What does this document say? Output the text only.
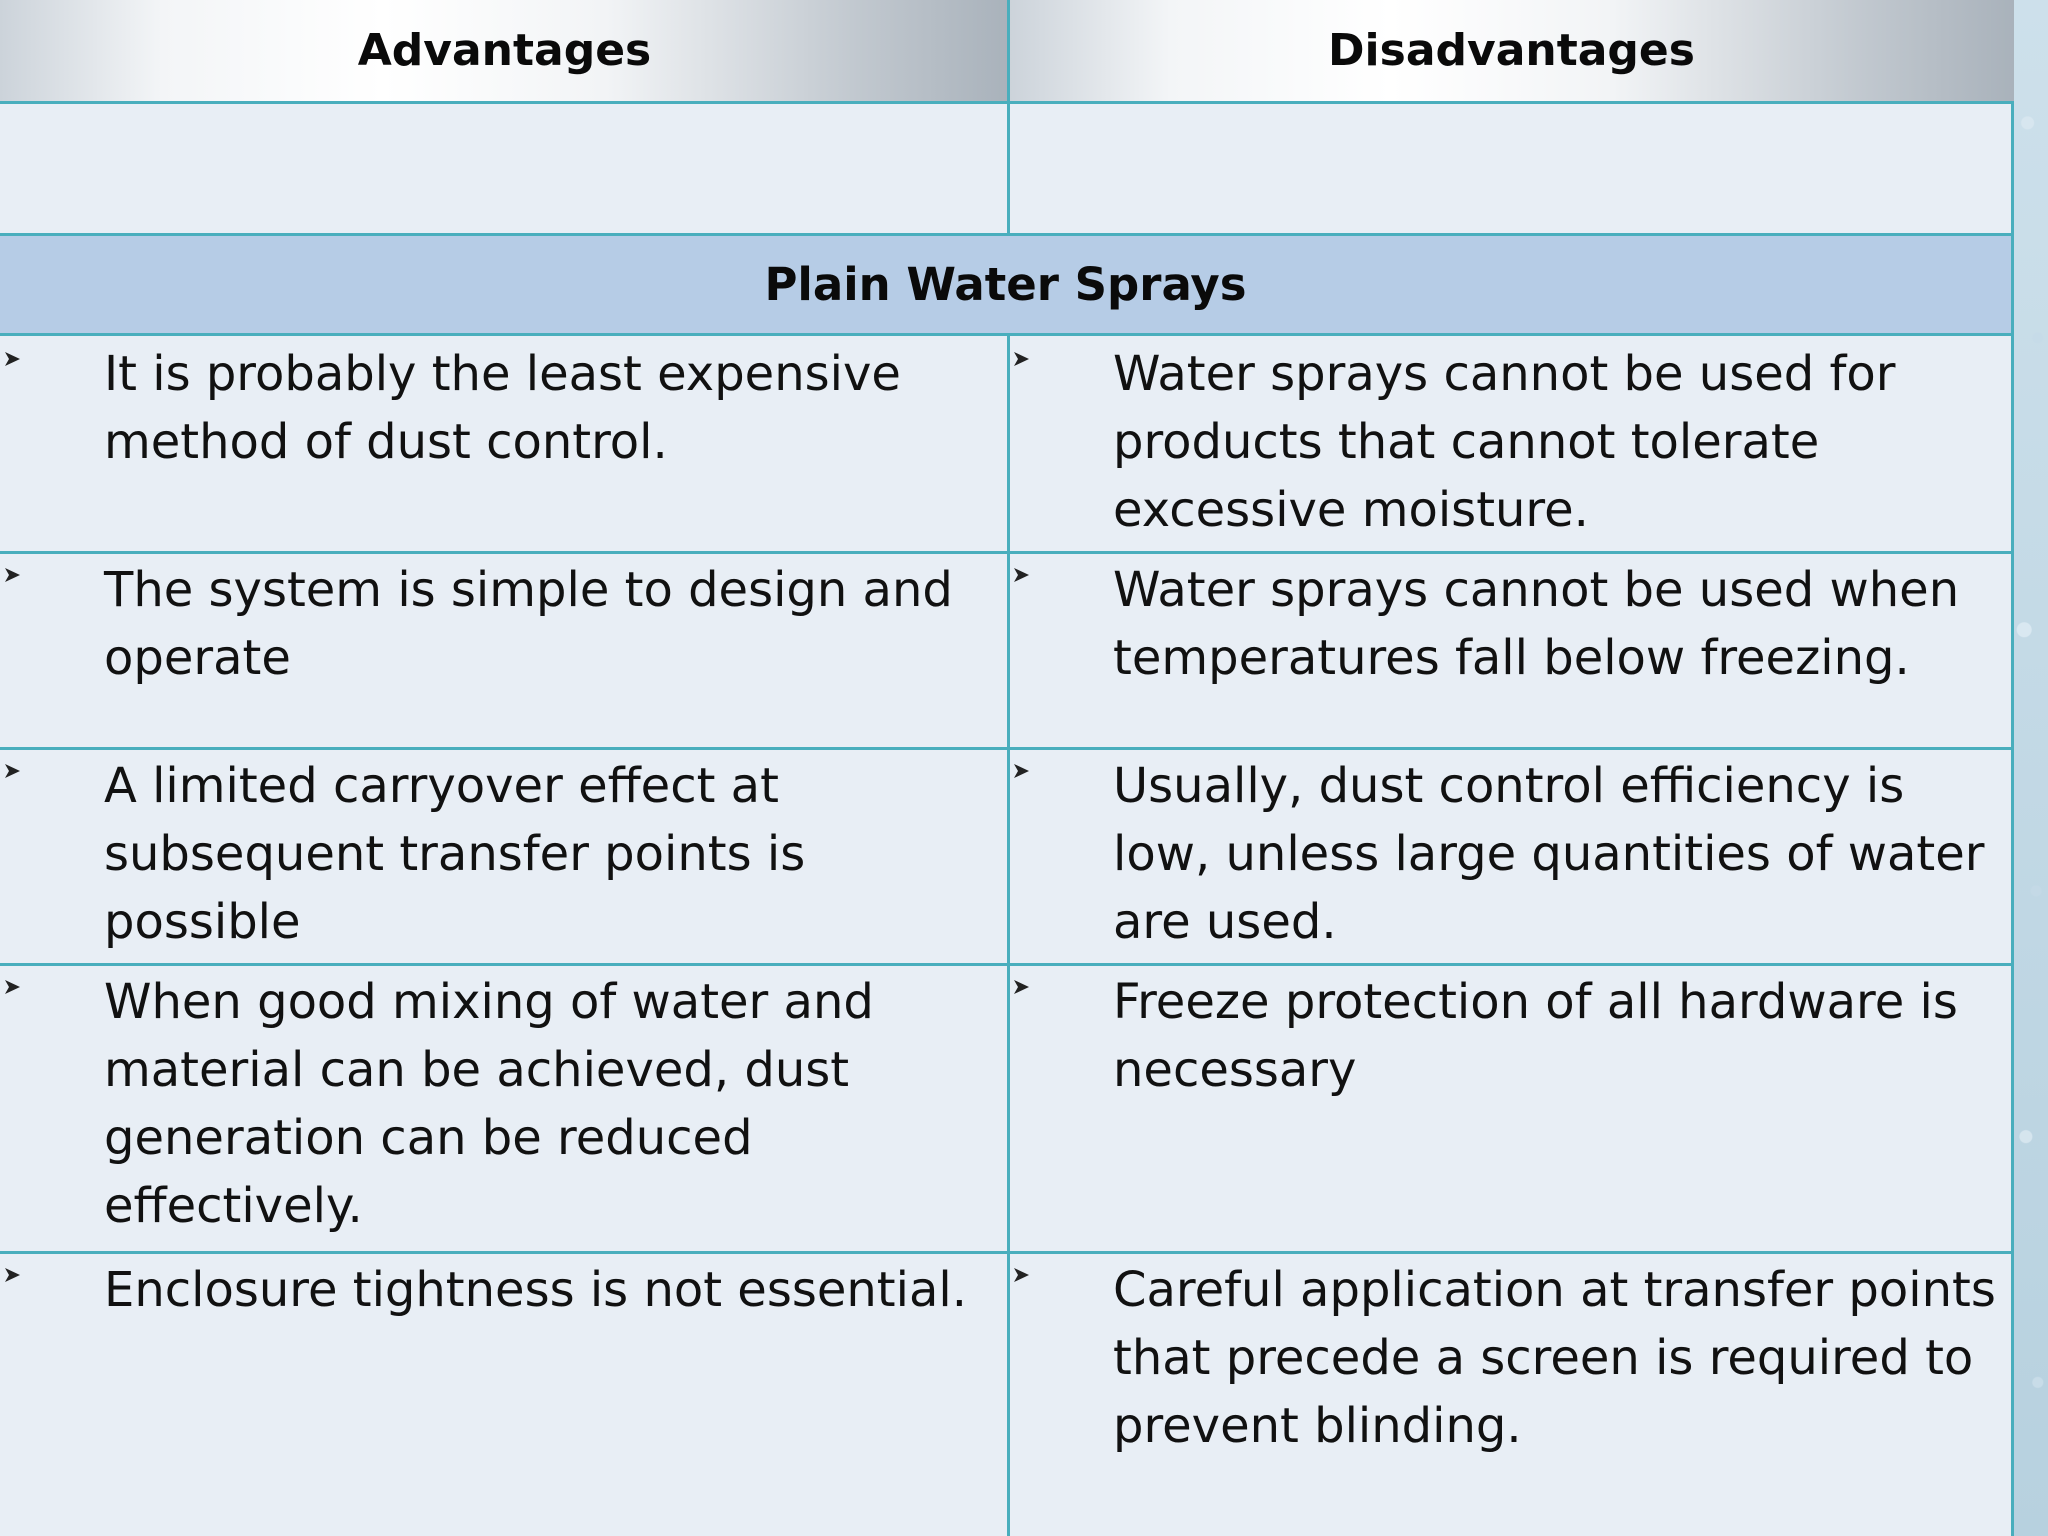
Advantages	Disadvantages
Plain Water Sprays
It is probably the least expensive method of dust control.
Water sprays cannot be used for products that cannot tolerate excessive moisture.
The system is simple to design and operate
Water sprays cannot be used when temperatures fall below freezing.
A limited carryover effect at subsequent transfer points is possible
Usually, dust control efficiency is low, unless large quantities of water are used.
When good mixing of water and material can be achieved, dust generation can be reduced effectively.
Freeze protection of all hardware is necessary
Enclosure tightness is not essential.	Careful application at transfer points that precede a screen is required to prevent blinding.
